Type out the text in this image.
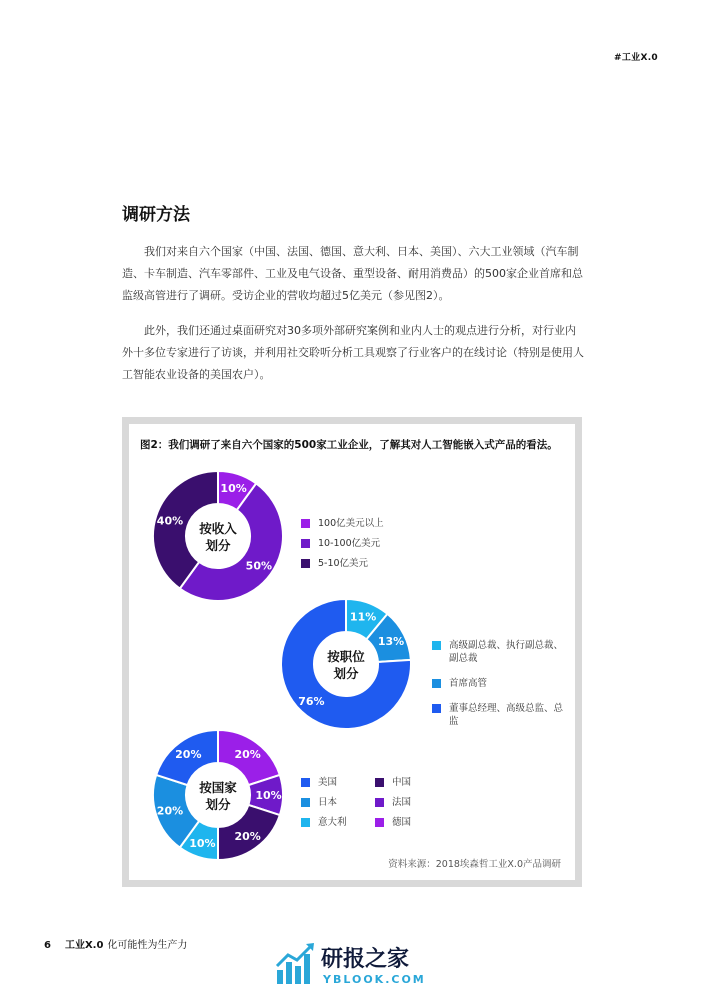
#工业X.0
调研方法

我们对来自六个国家（中国、法国、德国、意大利、日本、美国）、六大工业领域（汽车制造、卡车制造、汽车零部件、工业及电气设备、重型设备、耐用消费品）的500家企业首席和总监级高管进行了调研。受访企业的营收均超过5亿美元（参见图2）。

此外，我们还通过桌面研究对30多项外部研究案例和业内人士的观点进行分析，对行业内外十多位专家进行了访谈，并利用社交聆听分析工具观察了行业客户的在线讨论（特别是使用人工智能农业设备的美国农户）。

图2：我们调研了来自六个国家的500家工业企业，了解其对人工智能嵌入式产品的看法。

10%
50%
40%
按收入
划分
11%
13%
76%
按职位
划分
20%
10%
20%
10%
20%
20%
按国家
划分
100亿美元以上
10-100亿美元
5-10亿美元
高级副总裁、执行副总裁、副总裁
首席高管
董事总经理、高级总监、总监
美国	中国
日本	法国
意大利	德国
资料来源：2018埃森哲工业X.0产品调研
6 工业X.0 化可能性为生产力
研报之家
YBLOOK.COM
